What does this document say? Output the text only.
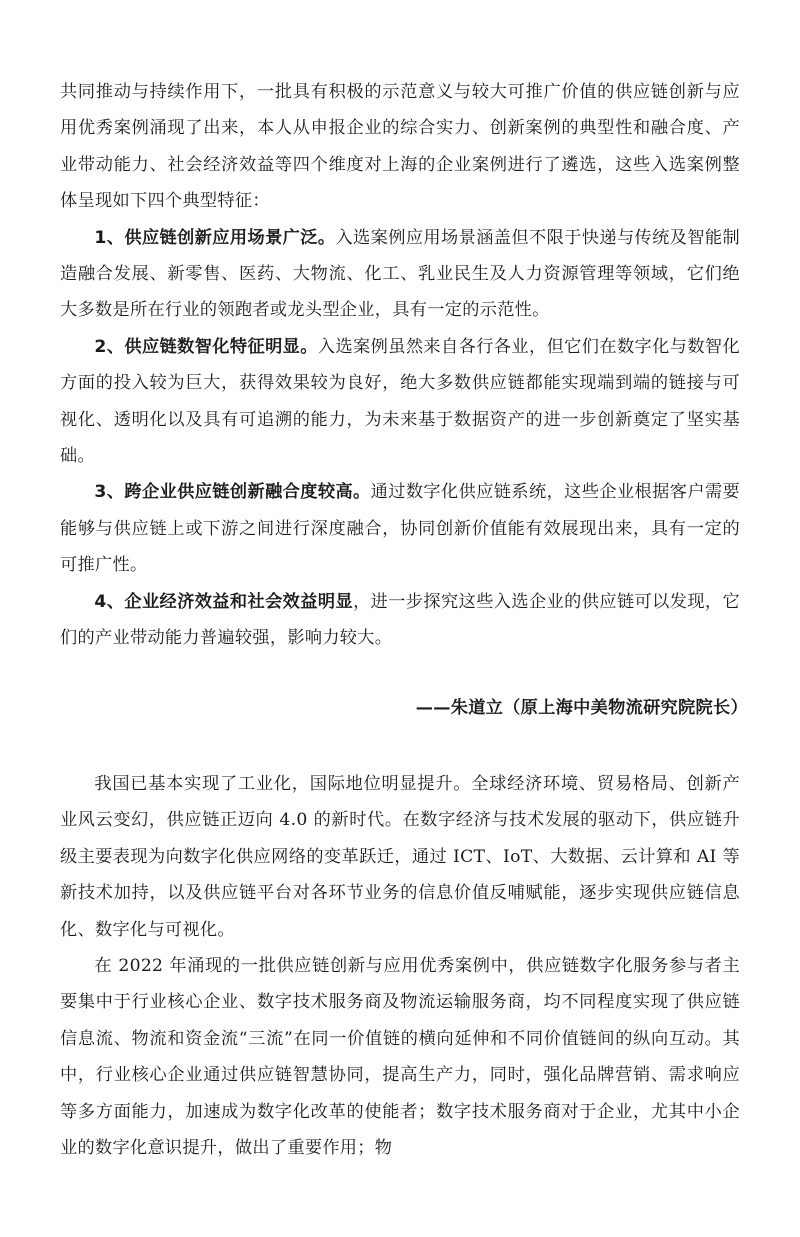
共同推动与持续作用下，一批具有积极的示范意义与较大可推广价值的供应链创新与应用优秀案例涌现了出来，本人从申报企业的综合实力、创新案例的典型性和融合度、产业带动能力、社会经济效益等四个维度对上海的企业案例进行了遴选，这些入选案例整体呈现如下四个典型特征：

1、供应链创新应用场景广泛。入选案例应用场景涵盖但不限于快递与传统及智能制造融合发展、新零售、医药、大物流、化工、乳业民生及人力资源管理等领域，它们绝大多数是所在行业的领跑者或龙头型企业，具有一定的示范性。

2、供应链数智化特征明显。入选案例虽然来自各行各业，但它们在数字化与数智化方面的投入较为巨大，获得效果较为良好，绝大多数供应链都能实现端到端的链接与可视化、透明化以及具有可追溯的能力，为未来基于数据资产的进一步创新奠定了坚实基础。

3、跨企业供应链创新融合度较高。通过数字化供应链系统，这些企业根据客户需要能够与供应链上或下游之间进行深度融合，协同创新价值能有效展现出来，具有一定的可推广性。

4、企业经济效益和社会效益明显，进一步探究这些入选企业的供应链可以发现，它们的产业带动能力普遍较强，影响力较大。

——朱道立（原上海中美物流研究院院长）

我国已基本实现了工业化，国际地位明显提升。全球经济环境、贸易格局、创新产业风云变幻，供应链正迈向 4.0 的新时代。在数字经济与技术发展的驱动下，供应链升级主要表现为向数字化供应网络的变革跃迁，通过 ICT、IoT、大数据、云计算和 AI 等新技术加持，以及供应链平台对各环节业务的信息价值反哺赋能，逐步实现供应链信息化、数字化与可视化。

在 2022 年涌现的一批供应链创新与应用优秀案例中，供应链数字化服务参与者主要集中于行业核心企业、数字技术服务商及物流运输服务商，均不同程度实现了供应链信息流、物流和资金流“三流”在同一价值链的横向延伸和不同价值链间的纵向互动。其中，行业核心企业通过供应链智慧协同，提高生产力，同时，强化品牌营销、需求响应等多方面能力，加速成为数字化改革的使能者；数字技术服务商对于企业，尤其中小企业的数字化意识提升，做出了重要作用；物
